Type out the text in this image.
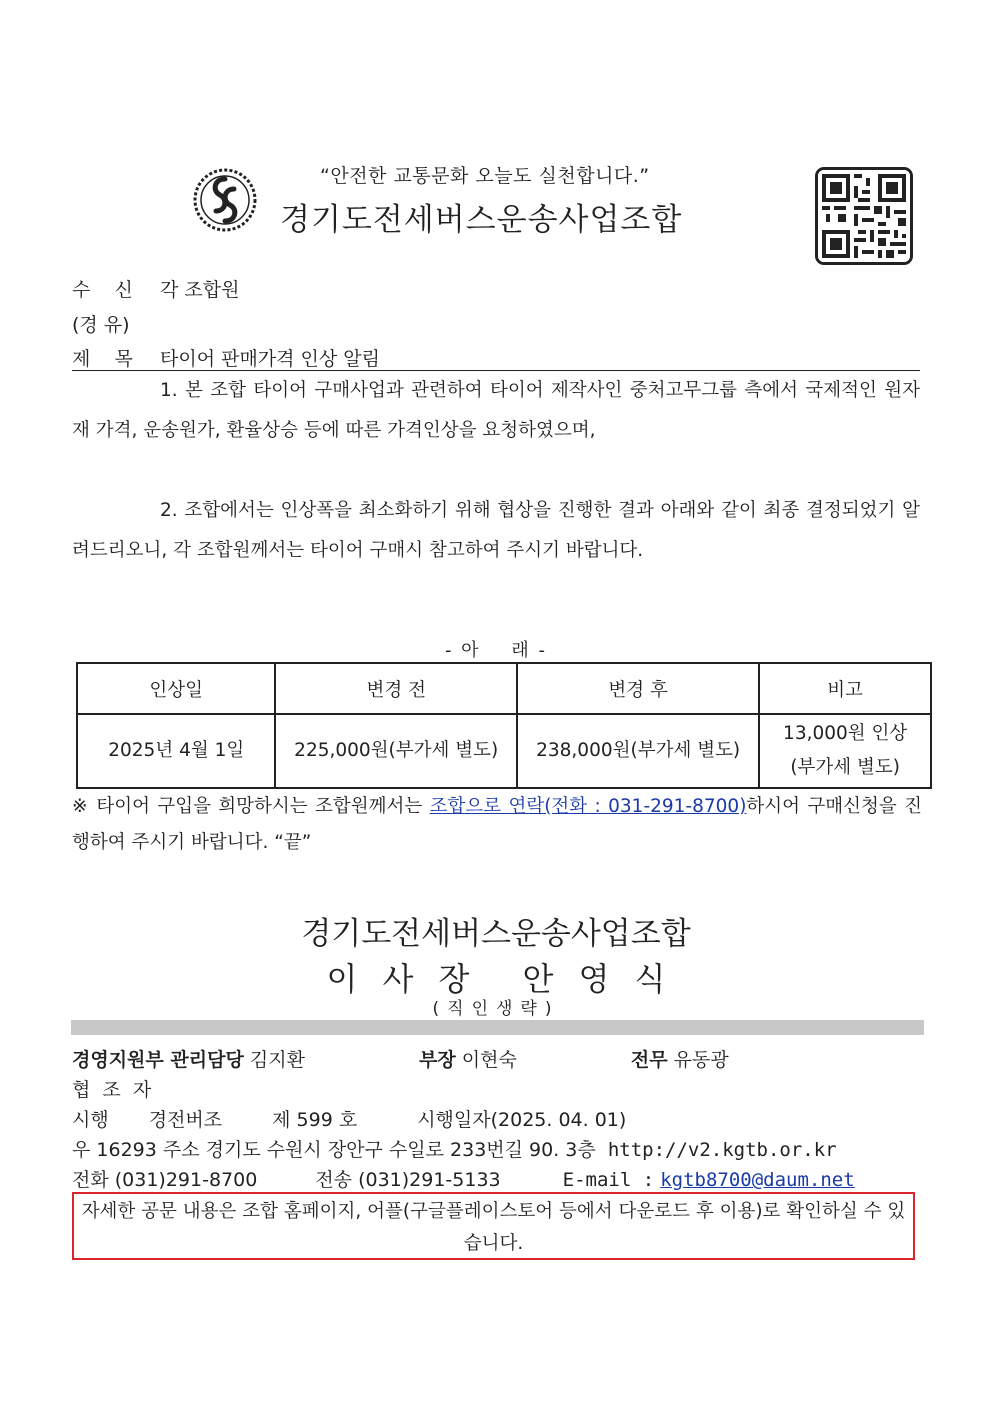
“안전한 교통문화 오늘도 실천합니다.”
경기도전세버스운송사업조합
수    신 각 조합원
(경 유)
제    목 타이어 판매가격 인상 알림
1. 본 조합 타이어 구매사업과 관련하여 타이어 제작사인 중처고무그룹 측에서 국제적인 원자재 가격, 운송원가, 환율상승 등에 따른 가격인상을 요청하였으며,
2. 조합에서는 인상폭을 최소화하기 위해 협상을 진행한 결과 아래와 같이 최종 결정되었기 알려드리오니, 각 조합원께서는 타이어 구매시 참고하여 주시기 바랍니다.
- 아    래 -
인상일	변경 전	변경 후	비고
2025년 4월 1일	225,000원(부가세 별도)	238,000원(부가세 별도)	13,000원 인상
(부가세 별도)
※ 타이어 구입을 희망하시는 조합원께서는 조합으로 연락(전화 : 031-291-8700)하시어 구매신청을 진행하여 주시기 바랍니다. “끝”
경기도전세버스운송사업조합
이 사 장 안 영 식
(직인생략)
경영지원부 관리담당 김지환	부장 이현숙	전무 유동광
협  조  자
시행 경전버조	제 599 호	시행일자(2025. 04. 01)
우 16293 주소 경기도 수원시 장안구 수일로 233번길 90. 3층 http://v2.kgtb.or.kr
전화 (031)291-8700	전송 (031)291-5133	E-mail : kgtb8700@daum.net
자세한 공문 내용은 조합 홈페이지, 어플(구글플레이스토어 등에서 다운로드 후 이용)로 확인하실 수 있습니다.
